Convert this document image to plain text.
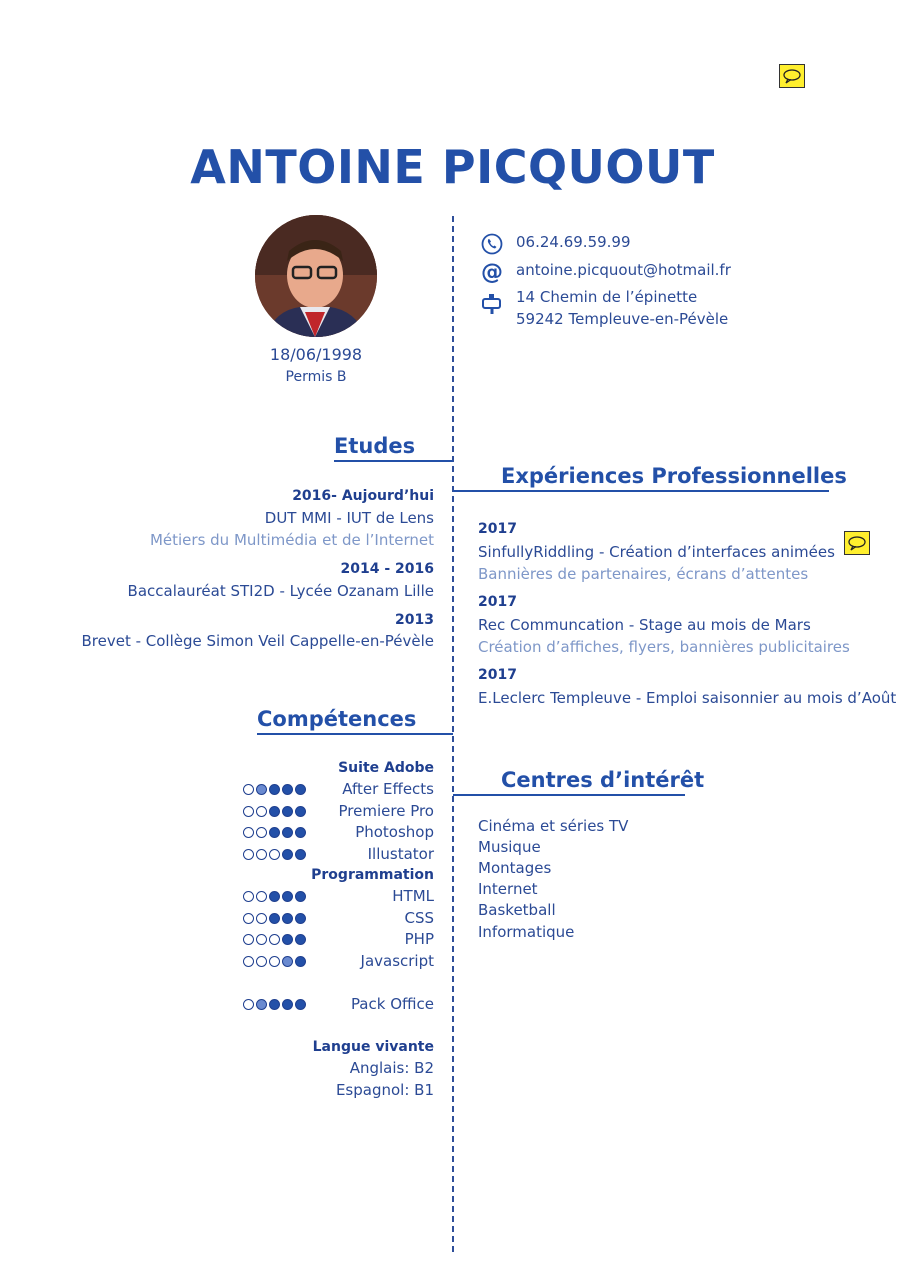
ANTOINE PICQUOUT
18/06/1998
Permis B
06.24.69.59.99
@ antoine.picquout@hotmail.fr
14 Chemin de l’épinette
59242 Templeuve-en-Pévèle
Etudes
2016- Aujourd’hui
DUT MMI - IUT de Lens
Métiers du Multimédia et de l’Internet
2014 - 2016
Baccalauréat STI2D - Lycée Ozanam Lille
2013
Brevet - Collège Simon Veil Cappelle-en-Pévèle
Expériences Professionnelles
2017
SinfullyRiddling - Création d’interfaces animées
Bannières de partenaires, écrans d’attentes
2017
Rec Communcation - Stage au mois de Mars
Création d’affiches, flyers, bannières publicitaires
2017
E.Leclerc Templeuve - Emploi saisonnier au mois d’Août
Compétences
Suite Adobe
After Effects
Premiere Pro
Photoshop
Illustator
Programmation
HTML
CSS
PHP
Javascript
Pack Office
Langue vivante
Anglais: B2
Espagnol: B1
Centres d’intérêt
Cinéma et séries TV
Musique
Montages
Internet
Basketball
Informatique
